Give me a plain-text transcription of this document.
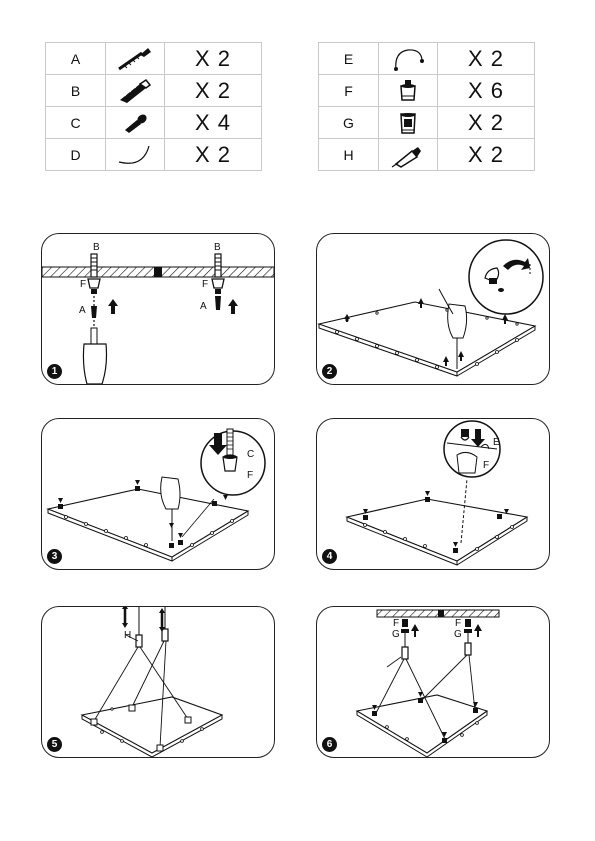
A		X 2
B		X 2
C		X 4
D		X 2
E		X 2
F		X 6
G		X 2
H		X 2
B	B
F	F
A	A
1	2
C
F
3
E
F
4
H
5
F
G
F
G
6
